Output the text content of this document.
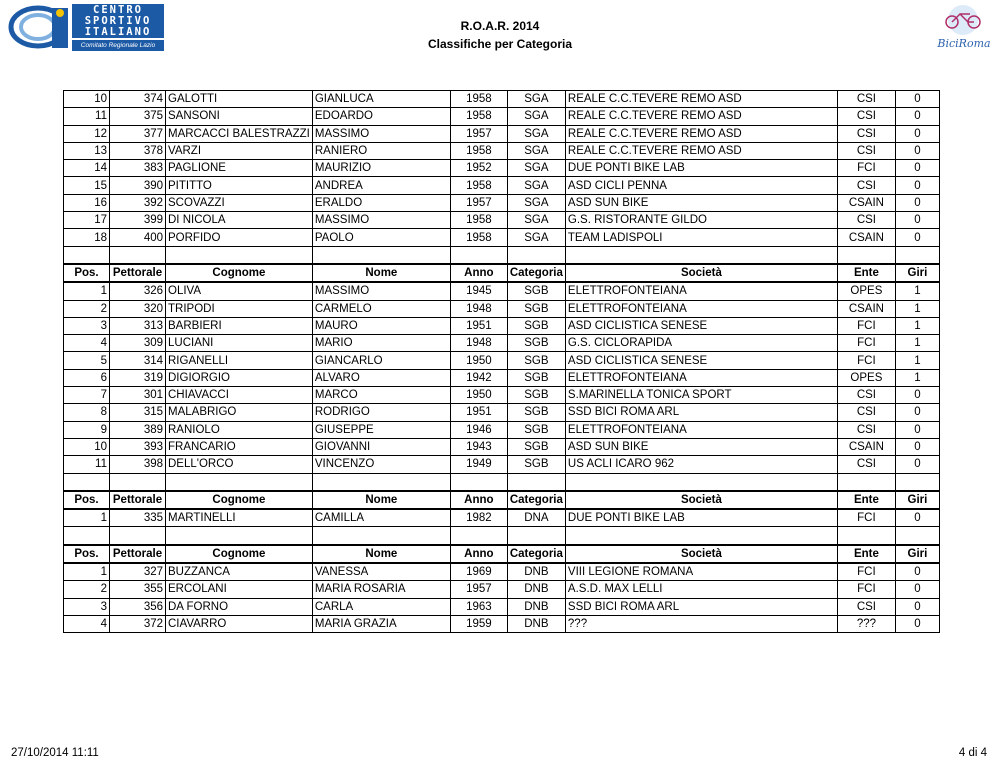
CENTRO
SPORTIVO
ITALIANO
Comitato Regionale Lazio
R.O.A.R. 2014
Classifiche per Categoria	BiciRoma
10	374	GALOTTI	GIANLUCA	1958	SGA	REALE C.C.TEVERE REMO ASD	CSI	0
11	375	SANSONI	EDOARDO	1958	SGA	REALE C.C.TEVERE REMO ASD	CSI	0
12	377	MARCACCI BALESTRAZZI	MASSIMO	1957	SGA	REALE C.C.TEVERE REMO ASD	CSI	0
13	378	VARZI	RANIERO	1958	SGA	REALE C.C.TEVERE REMO ASD	CSI	0
14	383	PAGLIONE	MAURIZIO	1952	SGA	DUE PONTI BIKE LAB	FCI	0
15	390	PITITTO	ANDREA	1958	SGA	ASD CICLI PENNA	CSI	0
16	392	SCOVAZZI	ERALDO	1957	SGA	ASD SUN BIKE	CSAIN	0
17	399	DI NICOLA	MASSIMO	1958	SGA	G.S. RISTORANTE GILDO	CSI	0
18	400	PORFIDO	PAOLO	1958	SGA	TEAM LADISPOLI	CSAIN	0

Pos.	Pettorale	Cognome	Nome	Anno	Categoria	Società	Ente	Giri
1	326	OLIVA	MASSIMO	1945	SGB	ELETTROFONTEIANA	OPES	1
2	320	TRIPODI	CARMELO	1948	SGB	ELETTROFONTEIANA	CSAIN	1
3	313	BARBIERI	MAURO	1951	SGB	ASD CICLISTICA SENESE	FCI	1
4	309	LUCIANI	MARIO	1948	SGB	G.S. CICLORAPIDA	FCI	1
5	314	RIGANELLI	GIANCARLO	1950	SGB	ASD CICLISTICA SENESE	FCI	1
6	319	DIGIORGIO	ALVARO	1942	SGB	ELETTROFONTEIANA	OPES	1
7	301	CHIAVACCI	MARCO	1950	SGB	S.MARINELLA TONICA SPORT	CSI	0
8	315	MALABRIGO	RODRIGO	1951	SGB	SSD BICI ROMA ARL	CSI	0
9	389	RANIOLO	GIUSEPPE	1946	SGB	ELETTROFONTEIANA	CSI	0
10	393	FRANCARIO	GIOVANNI	1943	SGB	ASD SUN BIKE	CSAIN	0
11	398	DELL'ORCO	VINCENZO	1949	SGB	US ACLI ICARO 962	CSI	0

Pos.	Pettorale	Cognome	Nome	Anno	Categoria	Società	Ente	Giri
1	335	MARTINELLI	CAMILLA	1982	DNA	DUE PONTI BIKE LAB	FCI	0

Pos.	Pettorale	Cognome	Nome	Anno	Categoria	Società	Ente	Giri
1	327	BUZZANCA	VANESSA	1969	DNB	VIII LEGIONE ROMANA	FCI	0
2	355	ERCOLANI	MARIA ROSARIA	1957	DNB	A.S.D. MAX LELLI	FCI	0
3	356	DA FORNO	CARLA	1963	DNB	SSD BICI ROMA ARL	CSI	0
4	372	CIAVARRO	MARIA GRAZIA	1959	DNB	???	???	0
27/10/2014 11:11	4 di 4
